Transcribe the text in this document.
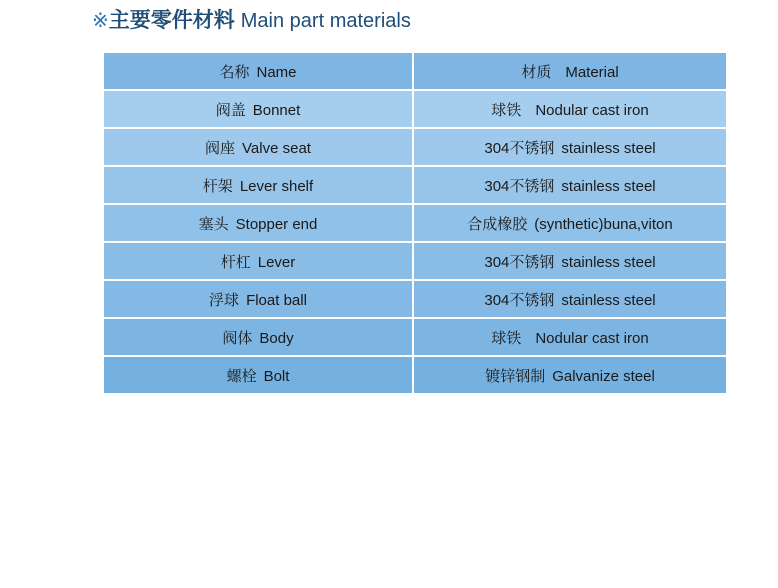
※主要零件材料 Main part materials
名称 Name	材质 Material
阀盖 Bonnet	球铁 Nodular cast iron
阀座 Valve seat	304不锈钢 stainless steel
杆架 Lever shelf	304不锈钢 stainless steel
塞头 Stopper end	合成橡胶 (synthetic)buna,viton
杆杠 Lever	304不锈钢 stainless steel
浮球 Float ball	304不锈钢 stainless steel
阀体 Body	球铁 Nodular cast iron
螺栓 Bolt	镀锌钢制 Galvanize steel
